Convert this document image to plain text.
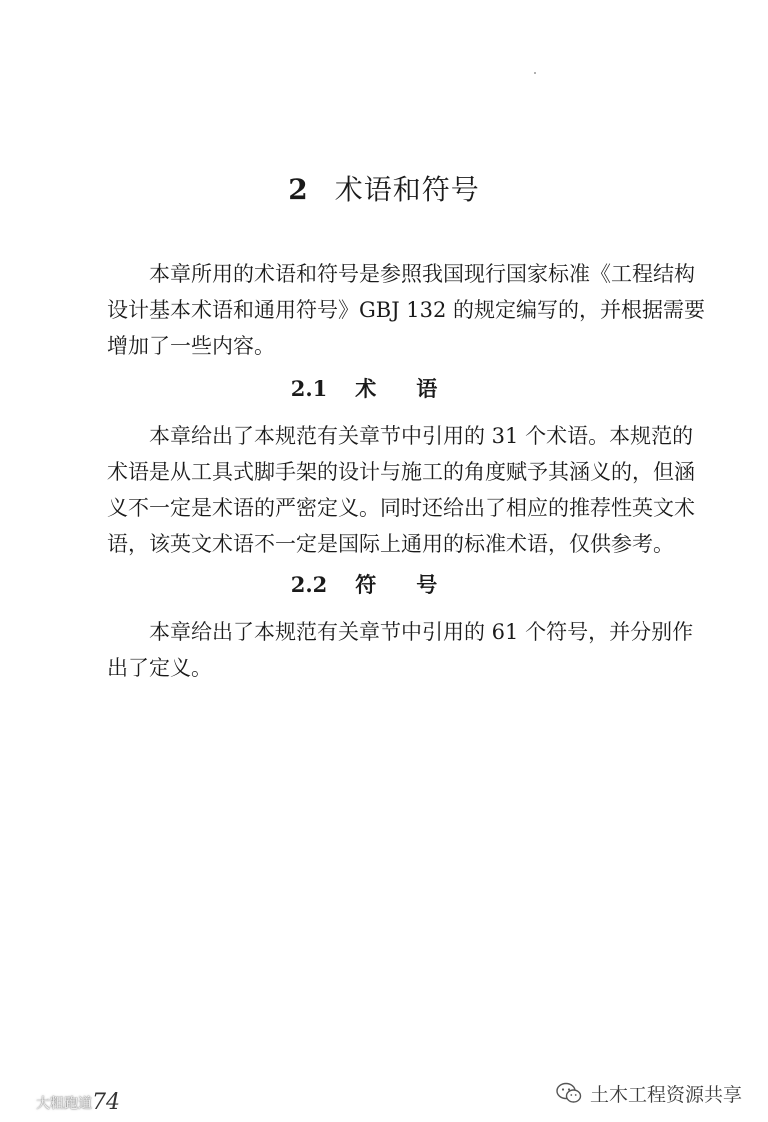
2 术语和符号

本章所用的术语和符号是参照我国现行国家标准《工程结构
设计基本术语和通用符号》GBJ 132 的规定编写的，并根据需要
增加了一些内容。

2.1 术语

本章给出了本规范有关章节中引用的 31 个术语。本规范的
术语是从工具式脚手架的设计与施工的角度赋予其涵义的，但涵
义不一定是术语的严密定义。同时还给出了相应的推荐性英文术
语，该英文术语不一定是国际上通用的标准术语，仅供参考。

2.2 符号

本章给出了本规范有关章节中引用的 61 个符号，并分别作
出了定义。

74
大粗跑道	土木工程资源共享
